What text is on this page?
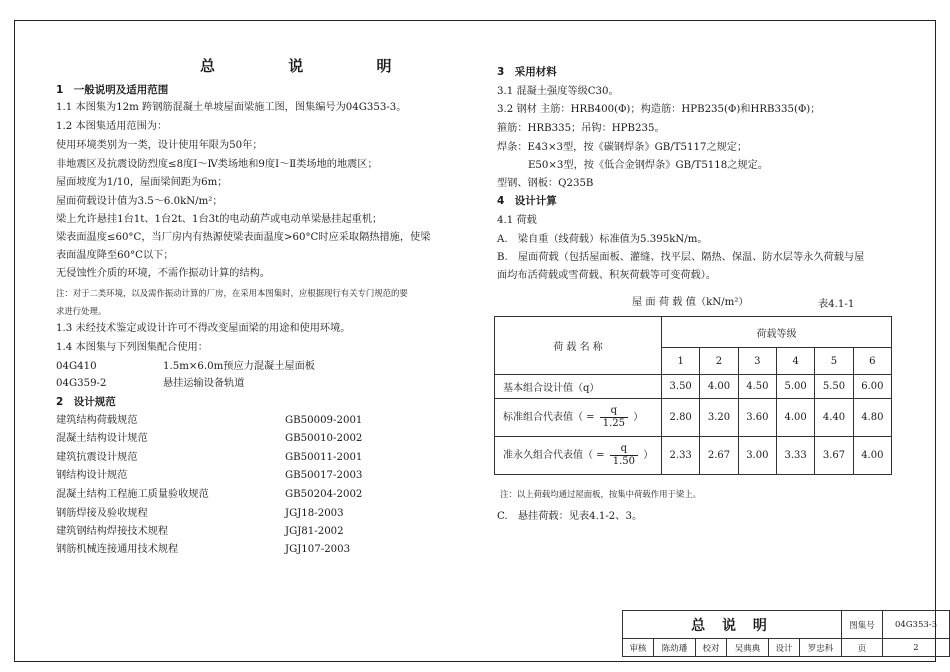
总 说 明
1　一般说明及适用范围
1.1 本图集为12m 跨钢筋混凝土单坡屋面梁施工图，图集编号为04G353-3。
1.2 本图集适用范围为：
使用环境类别为一类，设计使用年限为50年；
非地震区及抗震设防烈度≤8度Ⅰ～Ⅳ类场地和9度Ⅰ～Ⅱ类场地的地震区；
屋面坡度为1/10，屋面梁间距为6m；
屋面荷载设计值为3.5～6.0kN/m²；
梁上允许悬挂1台1t、1台2t、1台3t的电动葫芦或电动单梁悬挂起重机；
梁表面温度≤60°C，当厂房内有热源使梁表面温度>60°C时应采取隔热措施，使梁
表面温度降至60°C以下；
无侵蚀性介质的环境，不需作振动计算的结构。
注：对于二类环境，以及需作振动计算的厂房，在采用本图集时，应根据现行有关专门规范的要
求进行处理。
1.3 未经技术鉴定或设计许可不得改变屋面梁的用途和使用环境。
1.4 本图集与下列图集配合使用：
04G410	1.5m×6.0m预应力混凝土屋面板
04G359-2	悬挂运输设备轨道
2　设计规范
建筑结构荷载规范	GB50009-2001
混凝土结构设计规范	GB50010-2002
建筑抗震设计规范	GB50011-2001
钢结构设计规范	GB50017-2003
混凝土结构工程施工质量验收规范	GB50204-2002
钢筋焊接及验收规程	JGJ18-2003
建筑钢结构焊接技术规程	JGJ81-2002
钢筋机械连接通用技术规程	JGJ107-2003
3　采用材料
3.1 混凝土强度等级C30。
3.2 钢材 主筋：HRB400(Φ)；构造筋：HPB235(Φ)和HRB335(Φ)；
箍筋：HRB335；吊钩：HPB235。
焊条：E43×3型，按《碳钢焊条》GB/T5117之规定；
E50×3型，按《低合金钢焊条》GB/T5118之规定。
型钢、钢板：Q235B
4　设计计算
4.1 荷载
A.　梁自重（线荷载）标准值为5.395kN/m。
B.　屋面荷载（包括屋面板、灌缝、找平层、隔热、保温、防水层等永久荷载与屋
面均布活荷载或雪荷载、积灰荷载等可变荷载）。
屋 面 荷 载 值（kN/m²）	表4.1-1
荷 载 名 称	荷载等级					
	1	2	3	4	5	6
基本组合设计值（q）	3.50	4.00	4.50	5.00	5.50	6.00
标准组合代表值（ = $\frac{q}{1.25}$ ）	2.80	3.20	3.60	4.00	4.40	4.80
准永久组合代表值（ = $\frac{q}{1.50}$ ）	2.33	2.67	3.00	3.33	3.67	4.00
注：以上荷载均通过屋面板，按集中荷载作用于梁上。
C.　悬挂荷载：见表4.1-2、3。
总 说 明						图集号	04G353-3
审核	陈幼璠	校对	吴典典	设计	罗忠科	页	2
